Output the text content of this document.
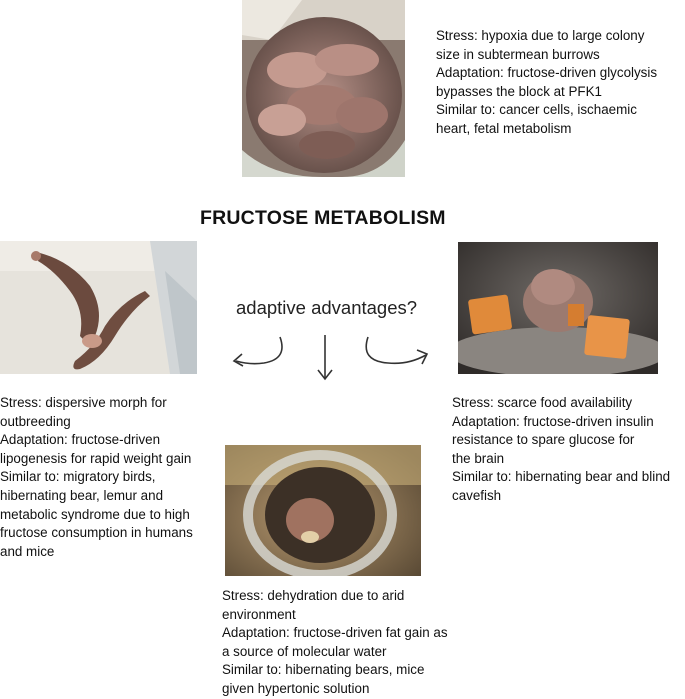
Stress: hypoxia due to large colony
size in subtermean burrows
Adaptation: fructose-driven glycolysis
bypasses the block at PFK1
Similar to: cancer cells, ischaemic
heart, fetal metabolism
FRUCTOSE METABOLISM
adaptive advantages?
Stress: dispersive morph for
outbreeding
Adaptation: fructose-driven
lipogenesis for rapid weight gain
Similar to: migratory birds,
hibernating bear, lemur and
metabolic syndrome due to high
fructose consumption in humans
and mice
Stress: scarce food availability
Adaptation: fructose-driven insulin
resistance to spare glucose for
the brain
Similar to: hibernating bear and blind
cavefish
Stress: dehydration due to arid
environment
Adaptation: fructose-driven fat gain as
a source of molecular water
Similar to: hibernating bears, mice
given hypertonic solution
